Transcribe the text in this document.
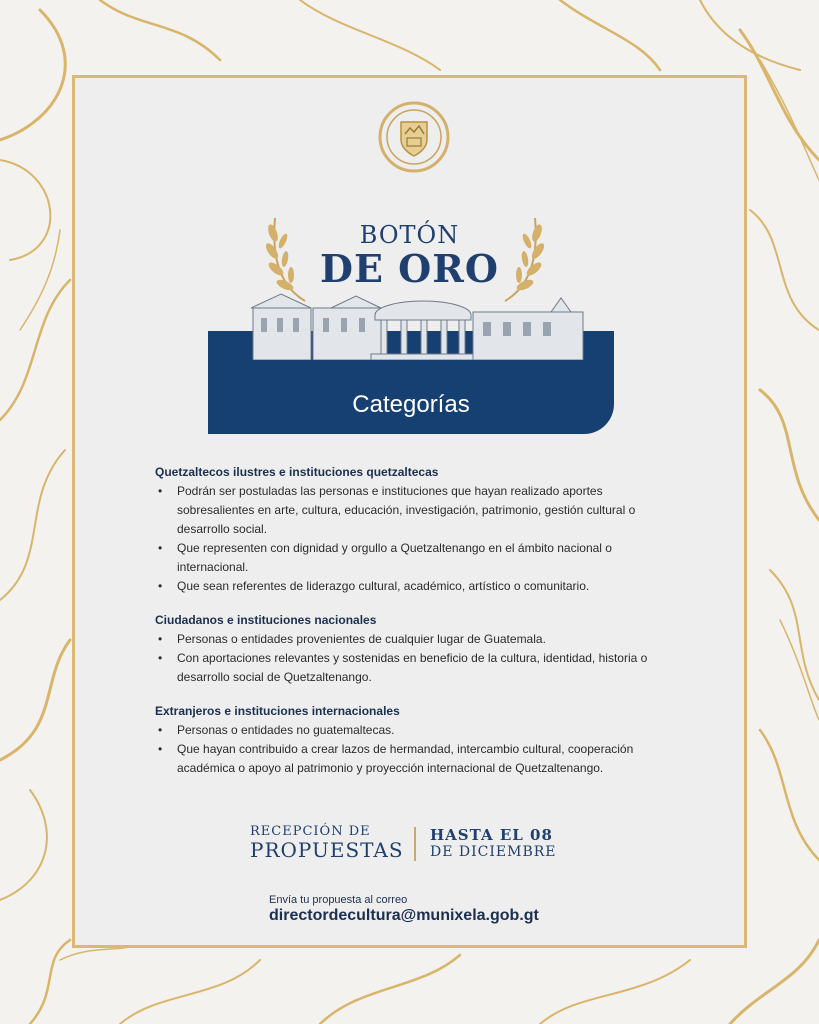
BOTÓN
DE ORO
Categorías
Quetzaltecos ilustres e instituciones quetzaltecas
• Podrán ser postuladas las personas e instituciones que hayan realizado aportes sobresalientes en arte, cultura, educación, investigación, patrimonio, gestión cultural o desarrollo social.
• Que representen con dignidad y orgullo a Quetzaltenango en el ámbito nacional o internacional.
• Que sean referentes de liderazgo cultural, académico, artístico o comunitario.
Ciudadanos e instituciones nacionales
• Personas o entidades provenientes de cualquier lugar de Guatemala.
• Con aportaciones relevantes y sostenidas en beneficio de la cultura, identidad, historia o desarrollo social de Quetzaltenango.
Extranjeros e instituciones internacionales
• Personas o entidades no guatemaltecas.
• Que hayan contribuido a crear lazos de hermandad, intercambio cultural, cooperación académica o apoyo al patrimonio y proyección internacional de Quetzaltenango.
RECEPCIÓN DE
PROPUESTAS
HASTA EL 08
DE DICIEMBRE
Envía tu propuesta al correo
directordecultura@munixela.gob.gt
